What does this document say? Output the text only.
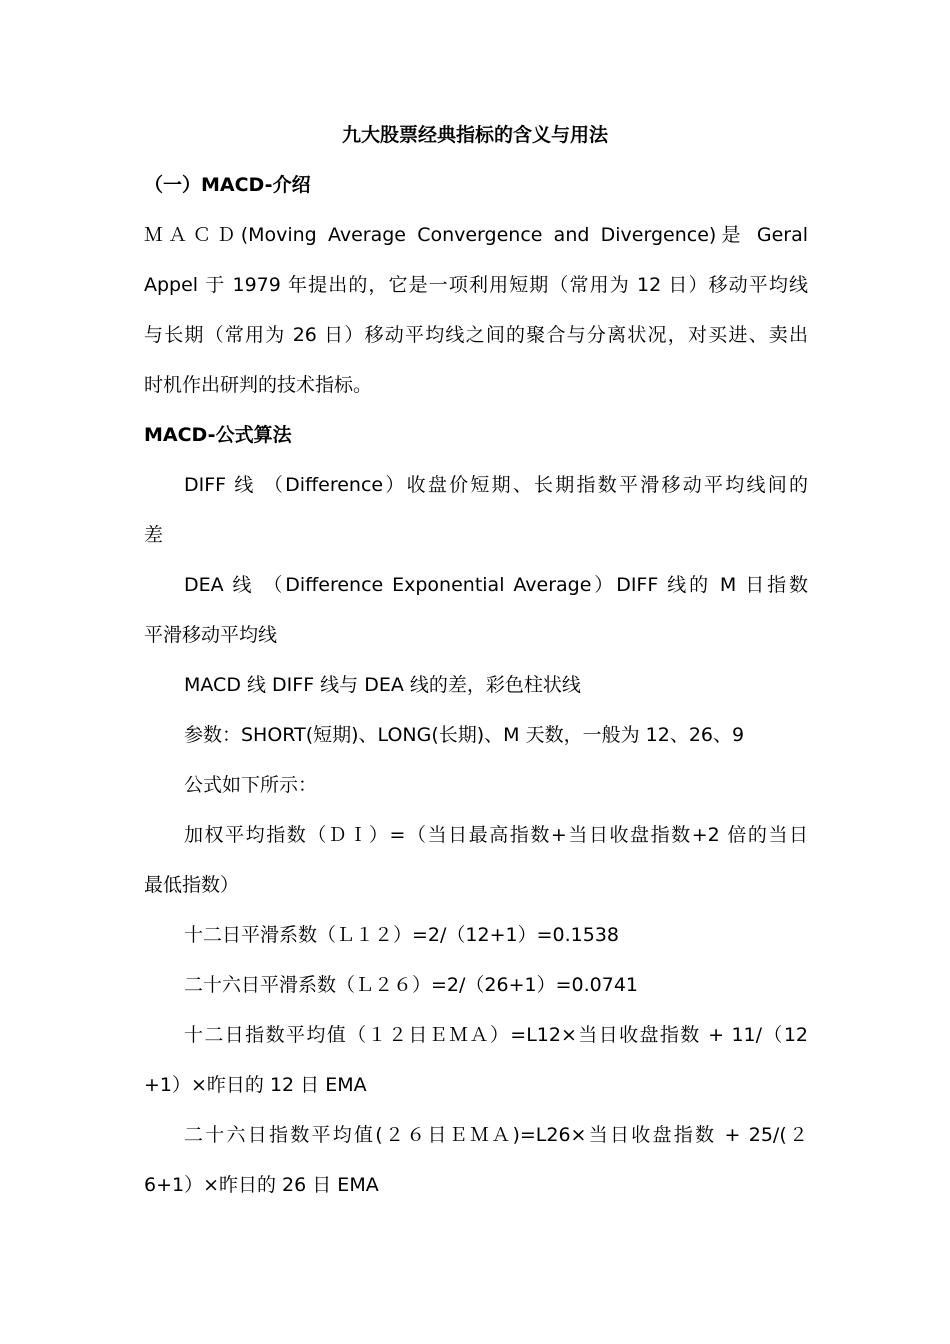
九大股票经典指标的含义与用法
（一）MACD-介绍
ＭＡＣＤ(Moving Average Convergence and Divergence)是 Geral
Appel 于 1979 年提出的，它是一项利用短期（常用为 12 日）移动平均线
与长期（常用为 26 日）移动平均线之间的聚合与分离状况，对买进、卖出
时机作出研判的技术指标。
MACD-公式算法
DIFF 线 （Difference）收盘价短期、长期指数平滑移动平均线间的
差
DEA 线 （Difference Exponential Average）DIFF 线的 M 日指数
平滑移动平均线
MACD 线 DIFF 线与 DEA 线的差，彩色柱状线
参数：SHORT(短期)、LONG(长期)、M 天数，一般为 12、26、9
公式如下所示：
加权平均指数（ＤＩ）=（当日最高指数+当日收盘指数+2 倍的当日
最低指数）
十二日平滑系数（Ｌ１２）=2/（12+1）=0.1538
二十六日平滑系数（Ｌ２６）=2/（26+1）=0.0741
十二日指数平均值（１２日ＥＭＡ）=L12×当日收盘指数 + 11/（12
+1）×昨日的 12 日 EMA
二十六日指数平均值(２６日ＥＭＡ)=L26×当日收盘指数 + 25/(２
6+1）×昨日的 26 日 EMA
